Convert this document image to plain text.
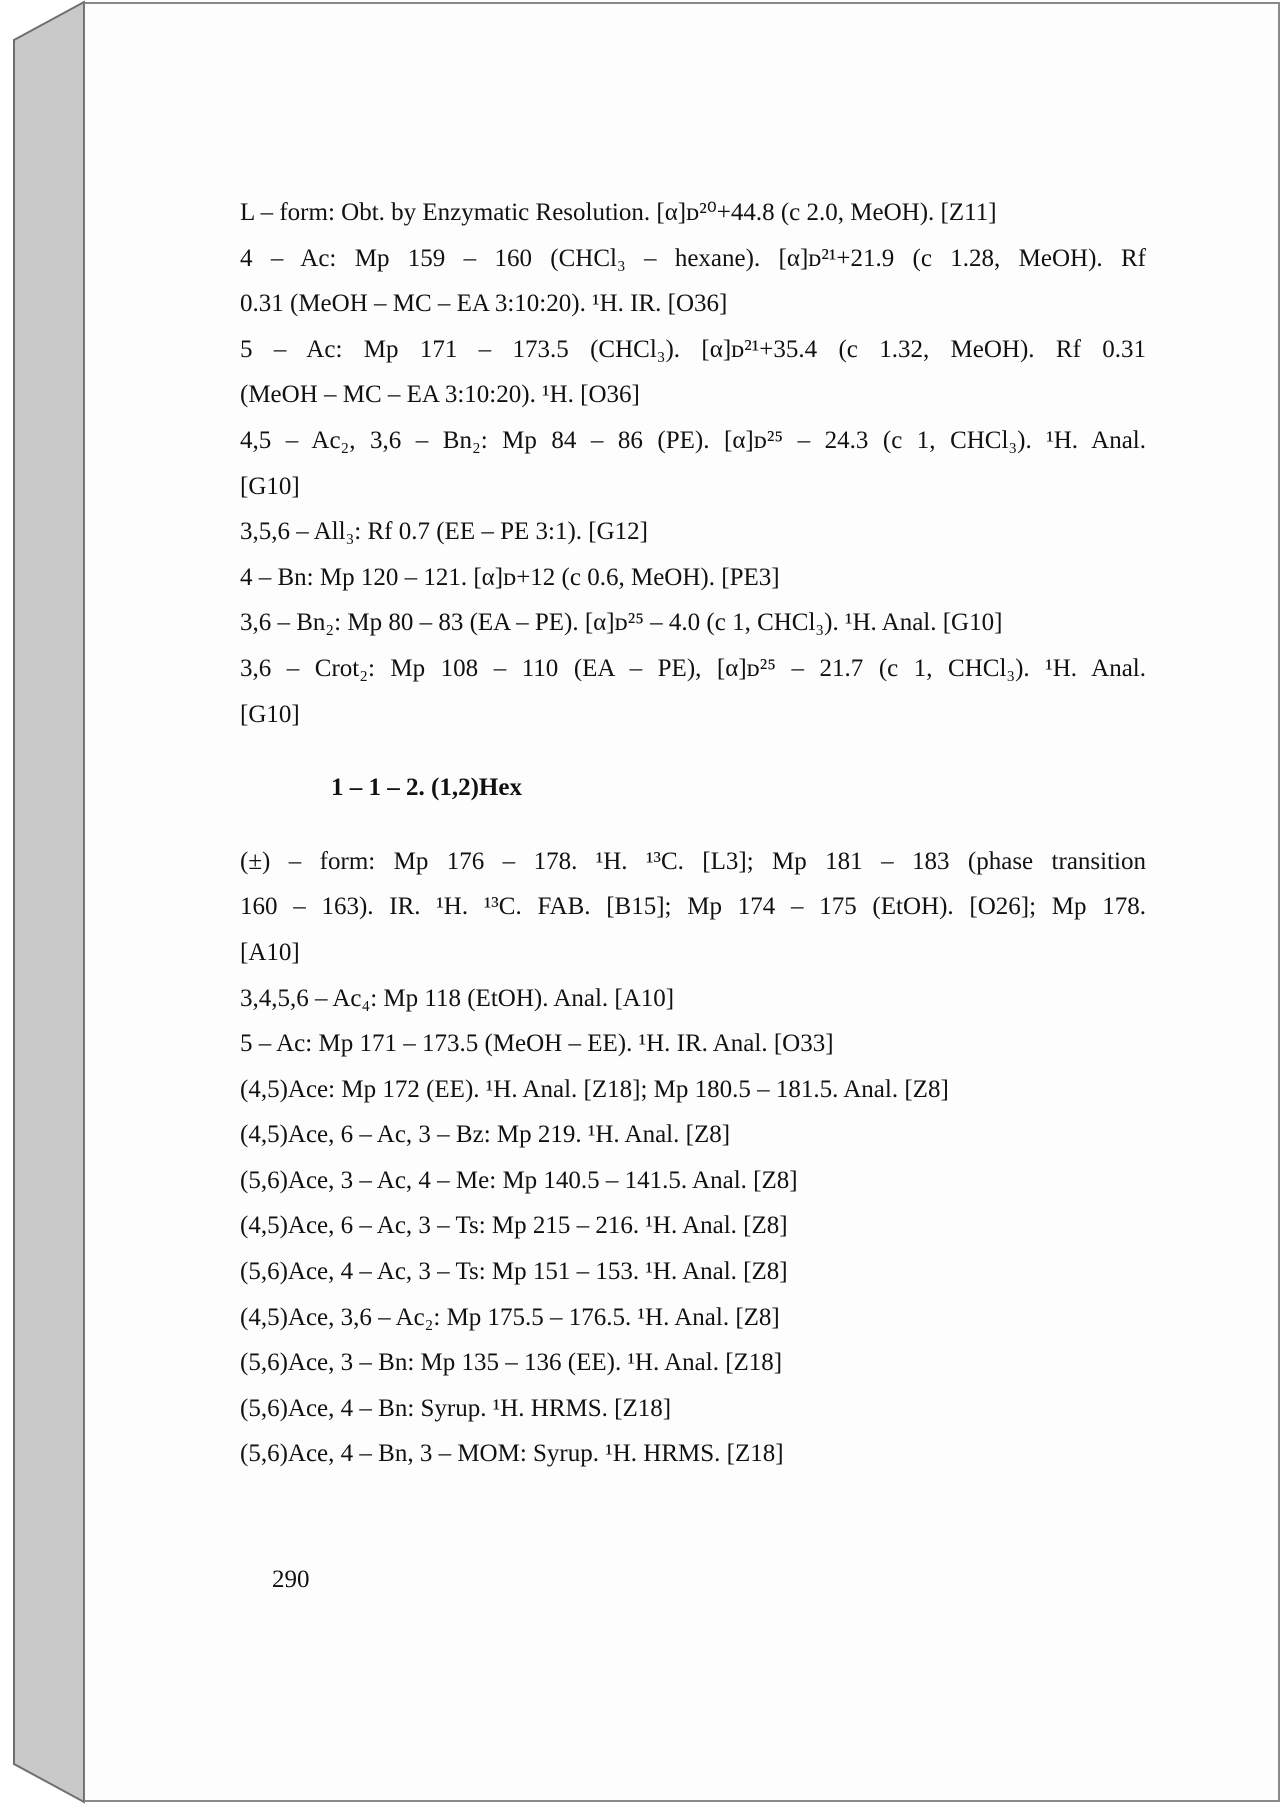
L – form: Obt. by Enzymatic Resolution. [α]ᴅ²⁰+44.8 (c 2.0, MeOH). [Z11]
4 – Ac: Mp 159 – 160 (CHCl₃ – hexane). [α]ᴅ²¹+21.9 (c 1.28, MeOH). Rf
0.31 (MeOH – MC – EA 3:10:20). ¹H. IR. [O36]
5 – Ac: Mp 171 – 173.5 (CHCl₃). [α]ᴅ²¹+35.4 (c 1.32, MeOH). Rf 0.31
(MeOH – MC – EA 3:10:20). ¹H. [O36]
4,5 – Ac₂, 3,6 – Bn₂: Mp 84 – 86 (PE). [α]ᴅ²⁵ – 24.3 (c 1, CHCl₃). ¹H. Anal.
[G10]
3,5,6 – All₃: Rf 0.7 (EE – PE 3:1). [G12]
4 – Bn: Mp 120 – 121. [α]ᴅ+12 (c 0.6, MeOH). [PE3]
3,6 – Bn₂: Mp 80 – 83 (EA – PE). [α]ᴅ²⁵ – 4.0 (c 1, CHCl₃). ¹H. Anal. [G10]
3,6 – Crot₂: Mp 108 – 110 (EA – PE), [α]ᴅ²⁵ – 21.7 (c 1, CHCl₃). ¹H. Anal.
[G10]
1 – 1 – 2. (1,2)Hex
(±) – form: Mp 176 – 178. ¹H. ¹³C. [L3]; Mp 181 – 183 (phase transition
160 – 163). IR. ¹H. ¹³C. FAB. [B15]; Mp 174 – 175 (EtOH). [O26]; Mp 178.
[A10]
3,4,5,6 – Ac₄: Mp 118 (EtOH). Anal. [A10]
5 – Ac: Mp 171 – 173.5 (MeOH – EE). ¹H. IR. Anal. [O33]
(4,5)Ace: Mp 172 (EE). ¹H. Anal. [Z18]; Mp 180.5 – 181.5. Anal. [Z8]
(4,5)Ace, 6 – Ac, 3 – Bz: Mp 219. ¹H. Anal. [Z8]
(5,6)Ace, 3 – Ac, 4 – Me: Mp 140.5 – 141.5. Anal. [Z8]
(4,5)Ace, 6 – Ac, 3 – Ts: Mp 215 – 216. ¹H. Anal. [Z8]
(5,6)Ace, 4 – Ac, 3 – Ts: Mp 151 – 153. ¹H. Anal. [Z8]
(4,5)Ace, 3,6 – Ac₂: Mp 175.5 – 176.5. ¹H. Anal. [Z8]
(5,6)Ace, 3 – Bn: Mp 135 – 136 (EE). ¹H. Anal. [Z18]
(5,6)Ace, 4 – Bn: Syrup. ¹H. HRMS. [Z18]
(5,6)Ace, 4 – Bn, 3 – MOM: Syrup. ¹H. HRMS. [Z18]
290
